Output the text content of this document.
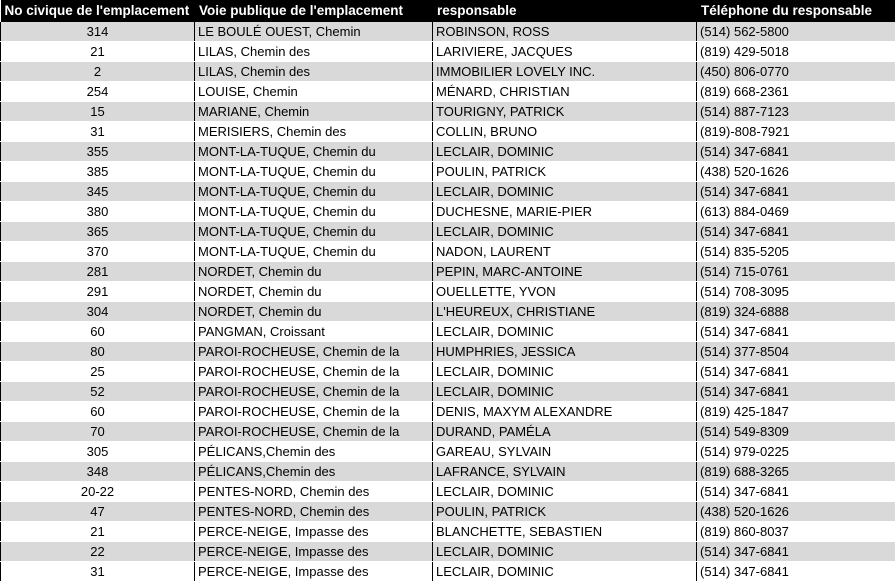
No civique de l'emplacement	Voie publique de l'emplacement	responsable	Téléphone du responsable
314	LE BOULÉ OUEST, Chemin	ROBINSON, ROSS	(514) 562-5800
21	LILAS, Chemin des	LARIVIERE, JACQUES	(819) 429-5018
2	LILAS, Chemin des	IMMOBILIER LOVELY INC.	(450) 806-0770
254	LOUISE, Chemin	MÉNARD, CHRISTIAN	(819) 668-2361
15	MARIANE, Chemin	TOURIGNY, PATRICK	(514) 887-7123
31	MERISIERS, Chemin des	COLLIN, BRUNO	(819)-808-7921
355	MONT-LA-TUQUE, Chemin du	LECLAIR, DOMINIC	(514) 347-6841
385	MONT-LA-TUQUE, Chemin du	POULIN, PATRICK	(438) 520-1626
345	MONT-LA-TUQUE, Chemin du	LECLAIR, DOMINIC	(514) 347-6841
380	MONT-LA-TUQUE, Chemin du	DUCHESNE, MARIE-PIER	(613) 884-0469
365	MONT-LA-TUQUE, Chemin du	LECLAIR, DOMINIC	(514) 347-6841
370	MONT-LA-TUQUE, Chemin du	NADON, LAURENT	(514) 835-5205
281	NORDET, Chemin du	PEPIN, MARC-ANTOINE	(514) 715-0761
291	NORDET, Chemin du	OUELLETTE, YVON	(514) 708-3095
304	NORDET, Chemin du	L'HEUREUX, CHRISTIANE	(819) 324-6888
60	PANGMAN, Croissant	LECLAIR, DOMINIC	(514) 347-6841
80	PAROI-ROCHEUSE, Chemin de la	HUMPHRIES, JESSICA	(514) 377-8504
25	PAROI-ROCHEUSE, Chemin de la	LECLAIR, DOMINIC	(514) 347-6841
52	PAROI-ROCHEUSE, Chemin de la	LECLAIR, DOMINIC	(514) 347-6841
60	PAROI-ROCHEUSE, Chemin de la	DENIS, MAXYM ALEXANDRE	(819) 425-1847
70	PAROI-ROCHEUSE, Chemin de la	DURAND, PAMÉLA	(514) 549-8309
305	PÉLICANS,Chemin des	GAREAU, SYLVAIN	(514) 979-0225
348	PÉLICANS,Chemin des	LAFRANCE, SYLVAIN	(819) 688-3265
20-22	PENTES-NORD, Chemin des	LECLAIR, DOMINIC	(514) 347-6841
47	PENTES-NORD, Chemin des	POULIN, PATRICK	(438) 520-1626
21	PERCE-NEIGE, Impasse des	BLANCHETTE, SEBASTIEN	(819) 860-8037
22	PERCE-NEIGE, Impasse des	LECLAIR, DOMINIC	(514) 347-6841
31	PERCE-NEIGE, Impasse des	LECLAIR, DOMINIC	(514) 347-6841
